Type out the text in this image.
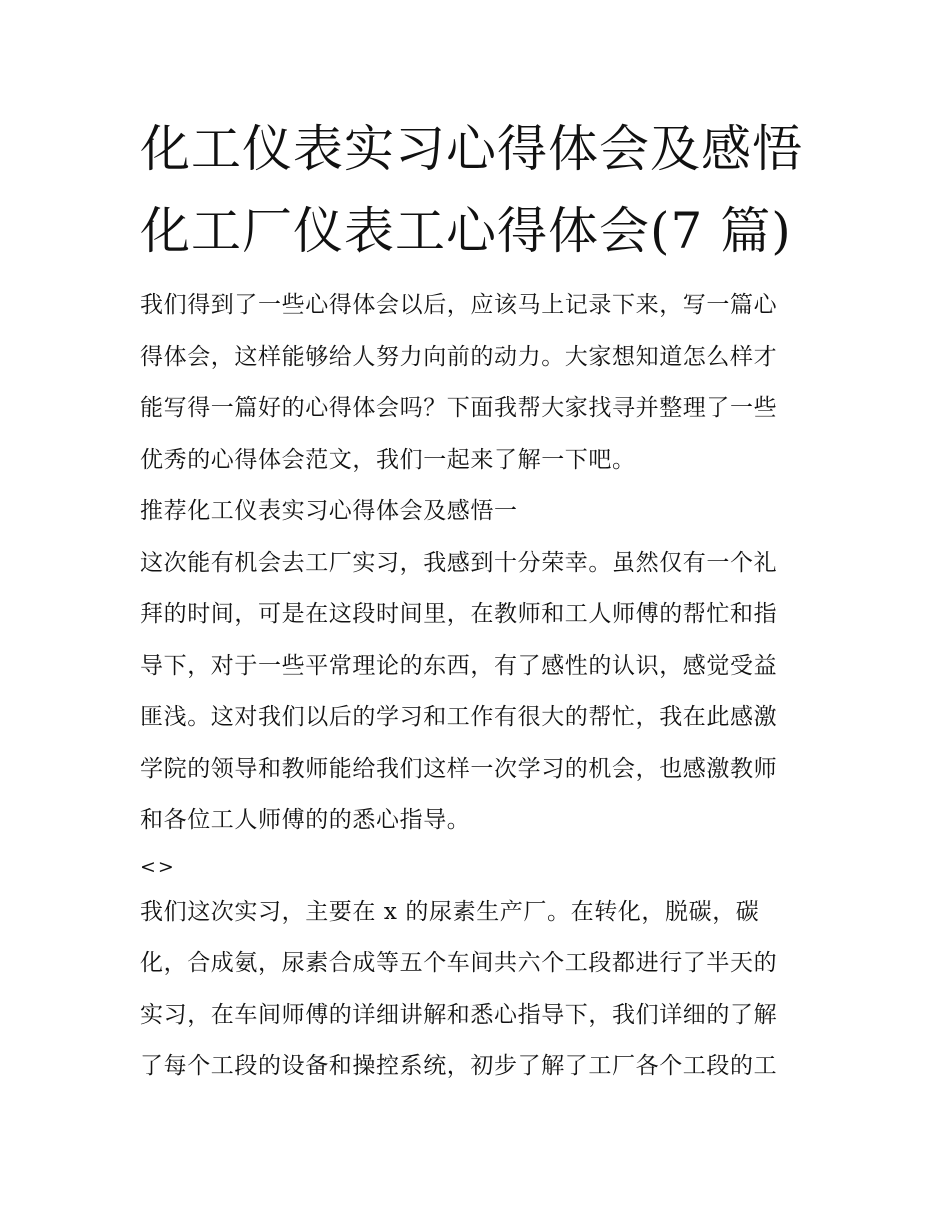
化工仪表实习心得体会及感悟
化工厂仪表工心得体会(7 篇)

我们得到了一些心得体会以后，应该马上记录下来，写一篇心
得体会，这样能够给人努力向前的动力。大家想知道怎么样才
能写得一篇好的心得体会吗？下面我帮大家找寻并整理了一些
优秀的心得体会范文，我们一起来了解一下吧。

推荐化工仪表实习心得体会及感悟一

这次能有机会去工厂实习，我感到十分荣幸。虽然仅有一个礼
拜的时间，可是在这段时间里，在教师和工人师傅的帮忙和指
导下，对于一些平常理论的东西，有了感性的认识，感觉受益
匪浅。这对我们以后的学习和工作有很大的帮忙，我在此感激
学院的领导和教师能给我们这样一次学习的机会，也感激教师
和各位工人师傅的的悉心指导。

<>

我们这次实习，主要在 x 的尿素生产厂。在转化，脱碳，碳
化，合成氨，尿素合成等五个车间共六个工段都进行了半天的
实习，在车间师傅的详细讲解和悉心指导下，我们详细的了解
了每个工段的设备和操控系统，初步了解了工厂各个工段的工
